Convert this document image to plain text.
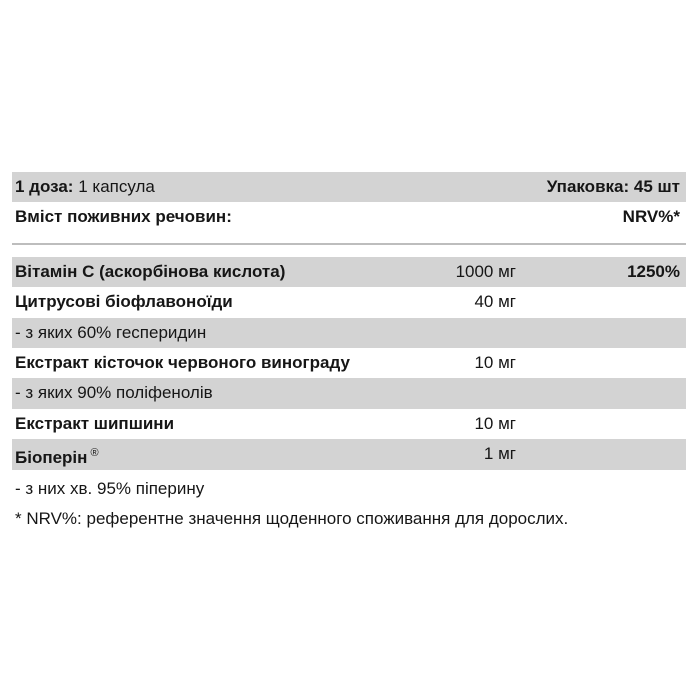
1 доза: 1 капсула	Упаковка: 45 шт
Вміст поживних речовин:	NRV%*
Вітамін С (аскорбінова кислота)	1000 мг	1250%
Цитрусові біофлавоноїди	40 мг
- з яких 60% гесперидин
Екстракт кісточок червоного винограду	10 мг
- з яких 90% поліфенолів
Екстракт шипшини	10 мг
Біоперін ®	1 мг
- з них хв. 95% піперину
* NRV%: референтне значення щоденного споживання для дорослих.
